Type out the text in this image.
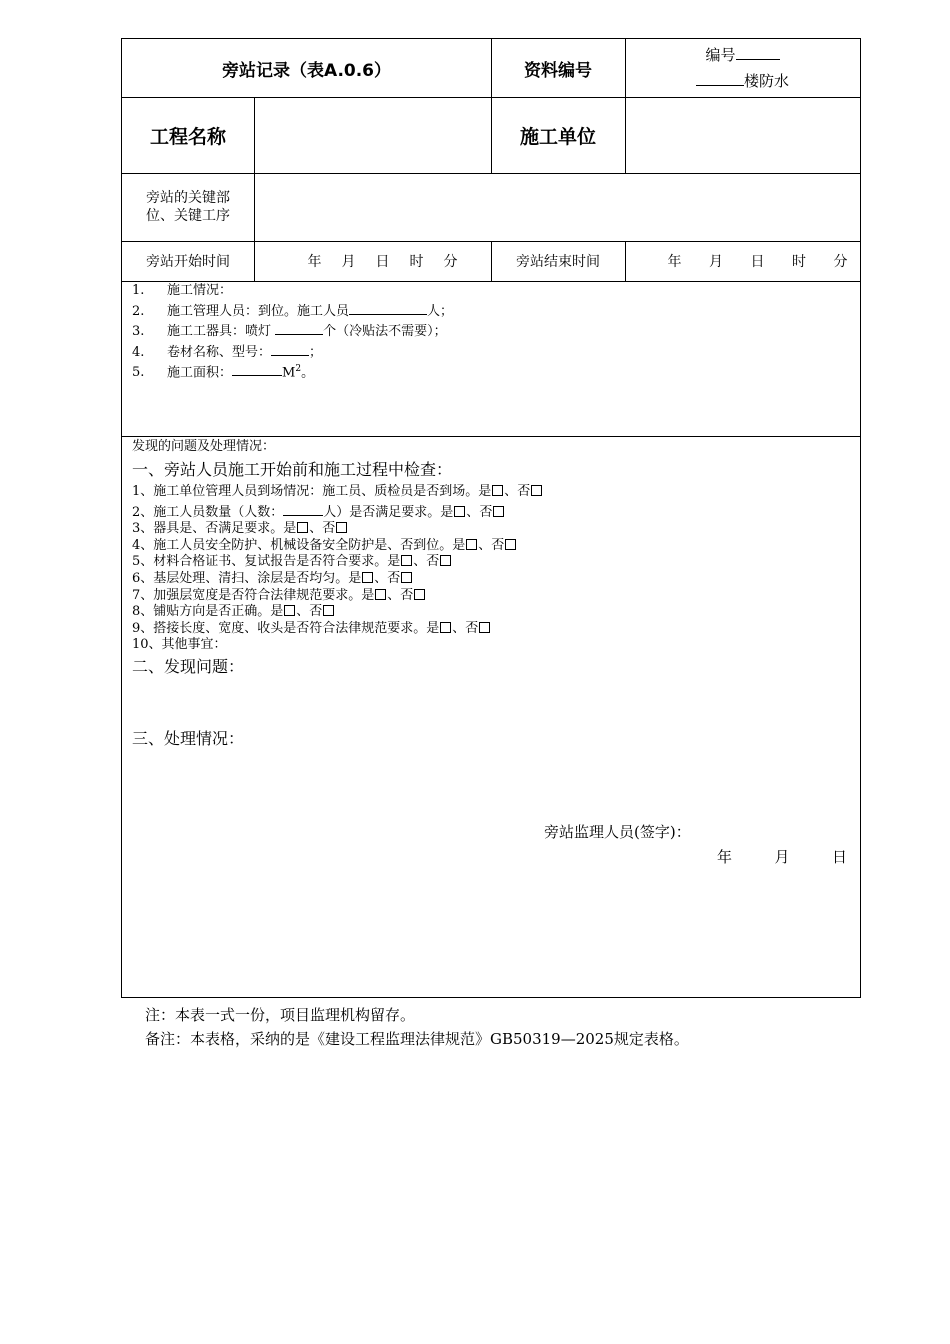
旁站记录（表A.0.6）	资料编号
编号
楼防水
工程名称	施工单位
旁站的关键部
位、关键工序
旁站开始时间	年 月 日 时 分	旁站结束时间	年 月 日 时 分
1. 施工情况：
2. 施工管理人员：到位。施工人员	人；
3. 施工工器具：喷灯	个（冷贴法不需要）；
4. 卷材名称、型号：	；
5. 施工面积：	$M^2$。
发现的问题及处理情况：
一、旁站人员施工开始前和施工过程中检查：
1、施工单位管理人员到场情况：施工员、质检员是否到场。是 、否
2、施工人员数量（人数：	人）是否满足要求。是 、否
3、器具是、否满足要求。是 、否
4、施工人员安全防护、机械设备安全防护是、否到位。是 、否
5、材料合格证书、复试报告是否符合要求。是 、否
6、基层处理、清扫、涂层是否均匀。是 、否
7、加强层宽度是否符合法律规范要求。是 、否
8、铺贴方向是否正确。是 、否
9、搭接长度、宽度、收头是否符合法律规范要求。是 、否
10、其他事宜：
二、发现问题：
三、处理情况：
旁站监理人员(签字)：
年	月	日
注：本表一式一份，项目监理机构留存。
备注：本表格，采纳的是《建设工程监理法律规范》GB50319—2025规定表格。
